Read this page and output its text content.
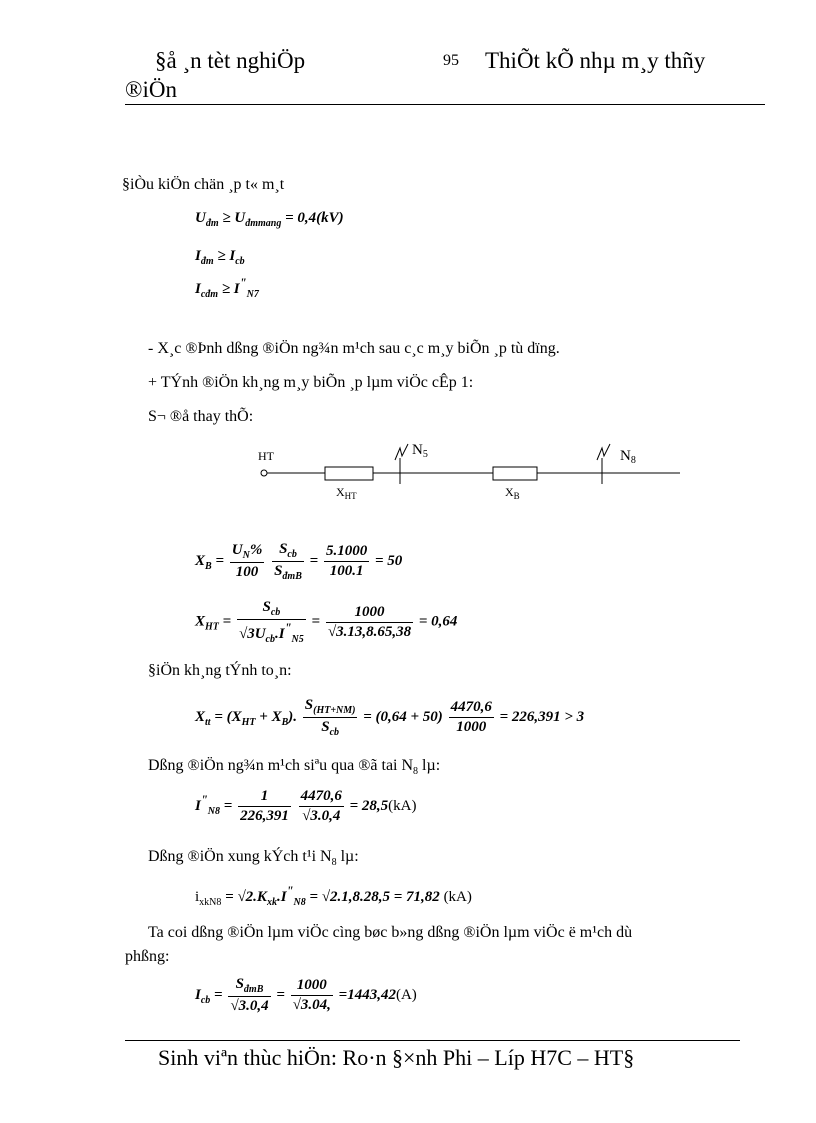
§å ¸n tèt nghiÖp	95 ThiÕt kÕ nhµ m¸y thñy
®iÖn
§iÒu kiÖn chän ¸p t« m¸t
$U_{đm} \ge U_{đmmang} = 0,4(kV)$
$I_{đm} \ge I_{cb}$
$I_{cđm} \ge I^"_{N7}$
- X¸c ®Þnh dßng ®iÖn ng¾n m¹ch sau c¸c m¸y biÕn ¸p tù dïng.
+ TÝnh ®iÖn kh¸ng m¸y biÕn ¸p lµm viÖc cÊp 1:
S¬ ®å thay thÕ:
HT	$N_5$	$N_8$
$X_{HT}$	$X_B$
$X_B = \frac{U_N\%}{100}$
$\frac{S_{cb}}{S_{đmB}} = \frac{5.1000}{100.1} = 50$
$X_{HT} = \frac{S_{cb}}{√3U_{cb}.I^"_{N5}} = \frac{1000}{√3.13,8.65,38} = 0,64$
§iÖn kh¸ng tÝnh to¸n:
$X_{tt} = (X_{HT} + X_B)$. $\frac{S_{(HT+NM)}}{S_{cb}} = (0,64 + 50) \frac{4470,6}{1000} = 226,391 > 3$
Dßng ®iÖn ng¾n m¹ch siªu qua ®ã tai $N_8$ lµ:
$I^"_{N8} = \frac{1}{226,391}$
$\frac{4470,6}{√3.0,4} = 28,5(kA)$
Dßng ®iÖn xung kÝch t¹i $N_8$ lµ:
$i_{xkN8} = √2.K_{xk}.I^"_{N8} = √2.1,8.28,5 = 71,82$ (kA)
Ta coi dßng ®iÖn lµm viÖc cìng bøc b»ng dßng ®iÖn lµm viÖc ë m¹ch dù
phßng:
$I_{cb} = \frac{S_{đmB}}{√3.0,4} = \frac{1000}{√3.04,} =1443,42(A)$
Sinh viªn thùc hiÖn: Ro·n §×nh Phi – Líp H7C – HT§
